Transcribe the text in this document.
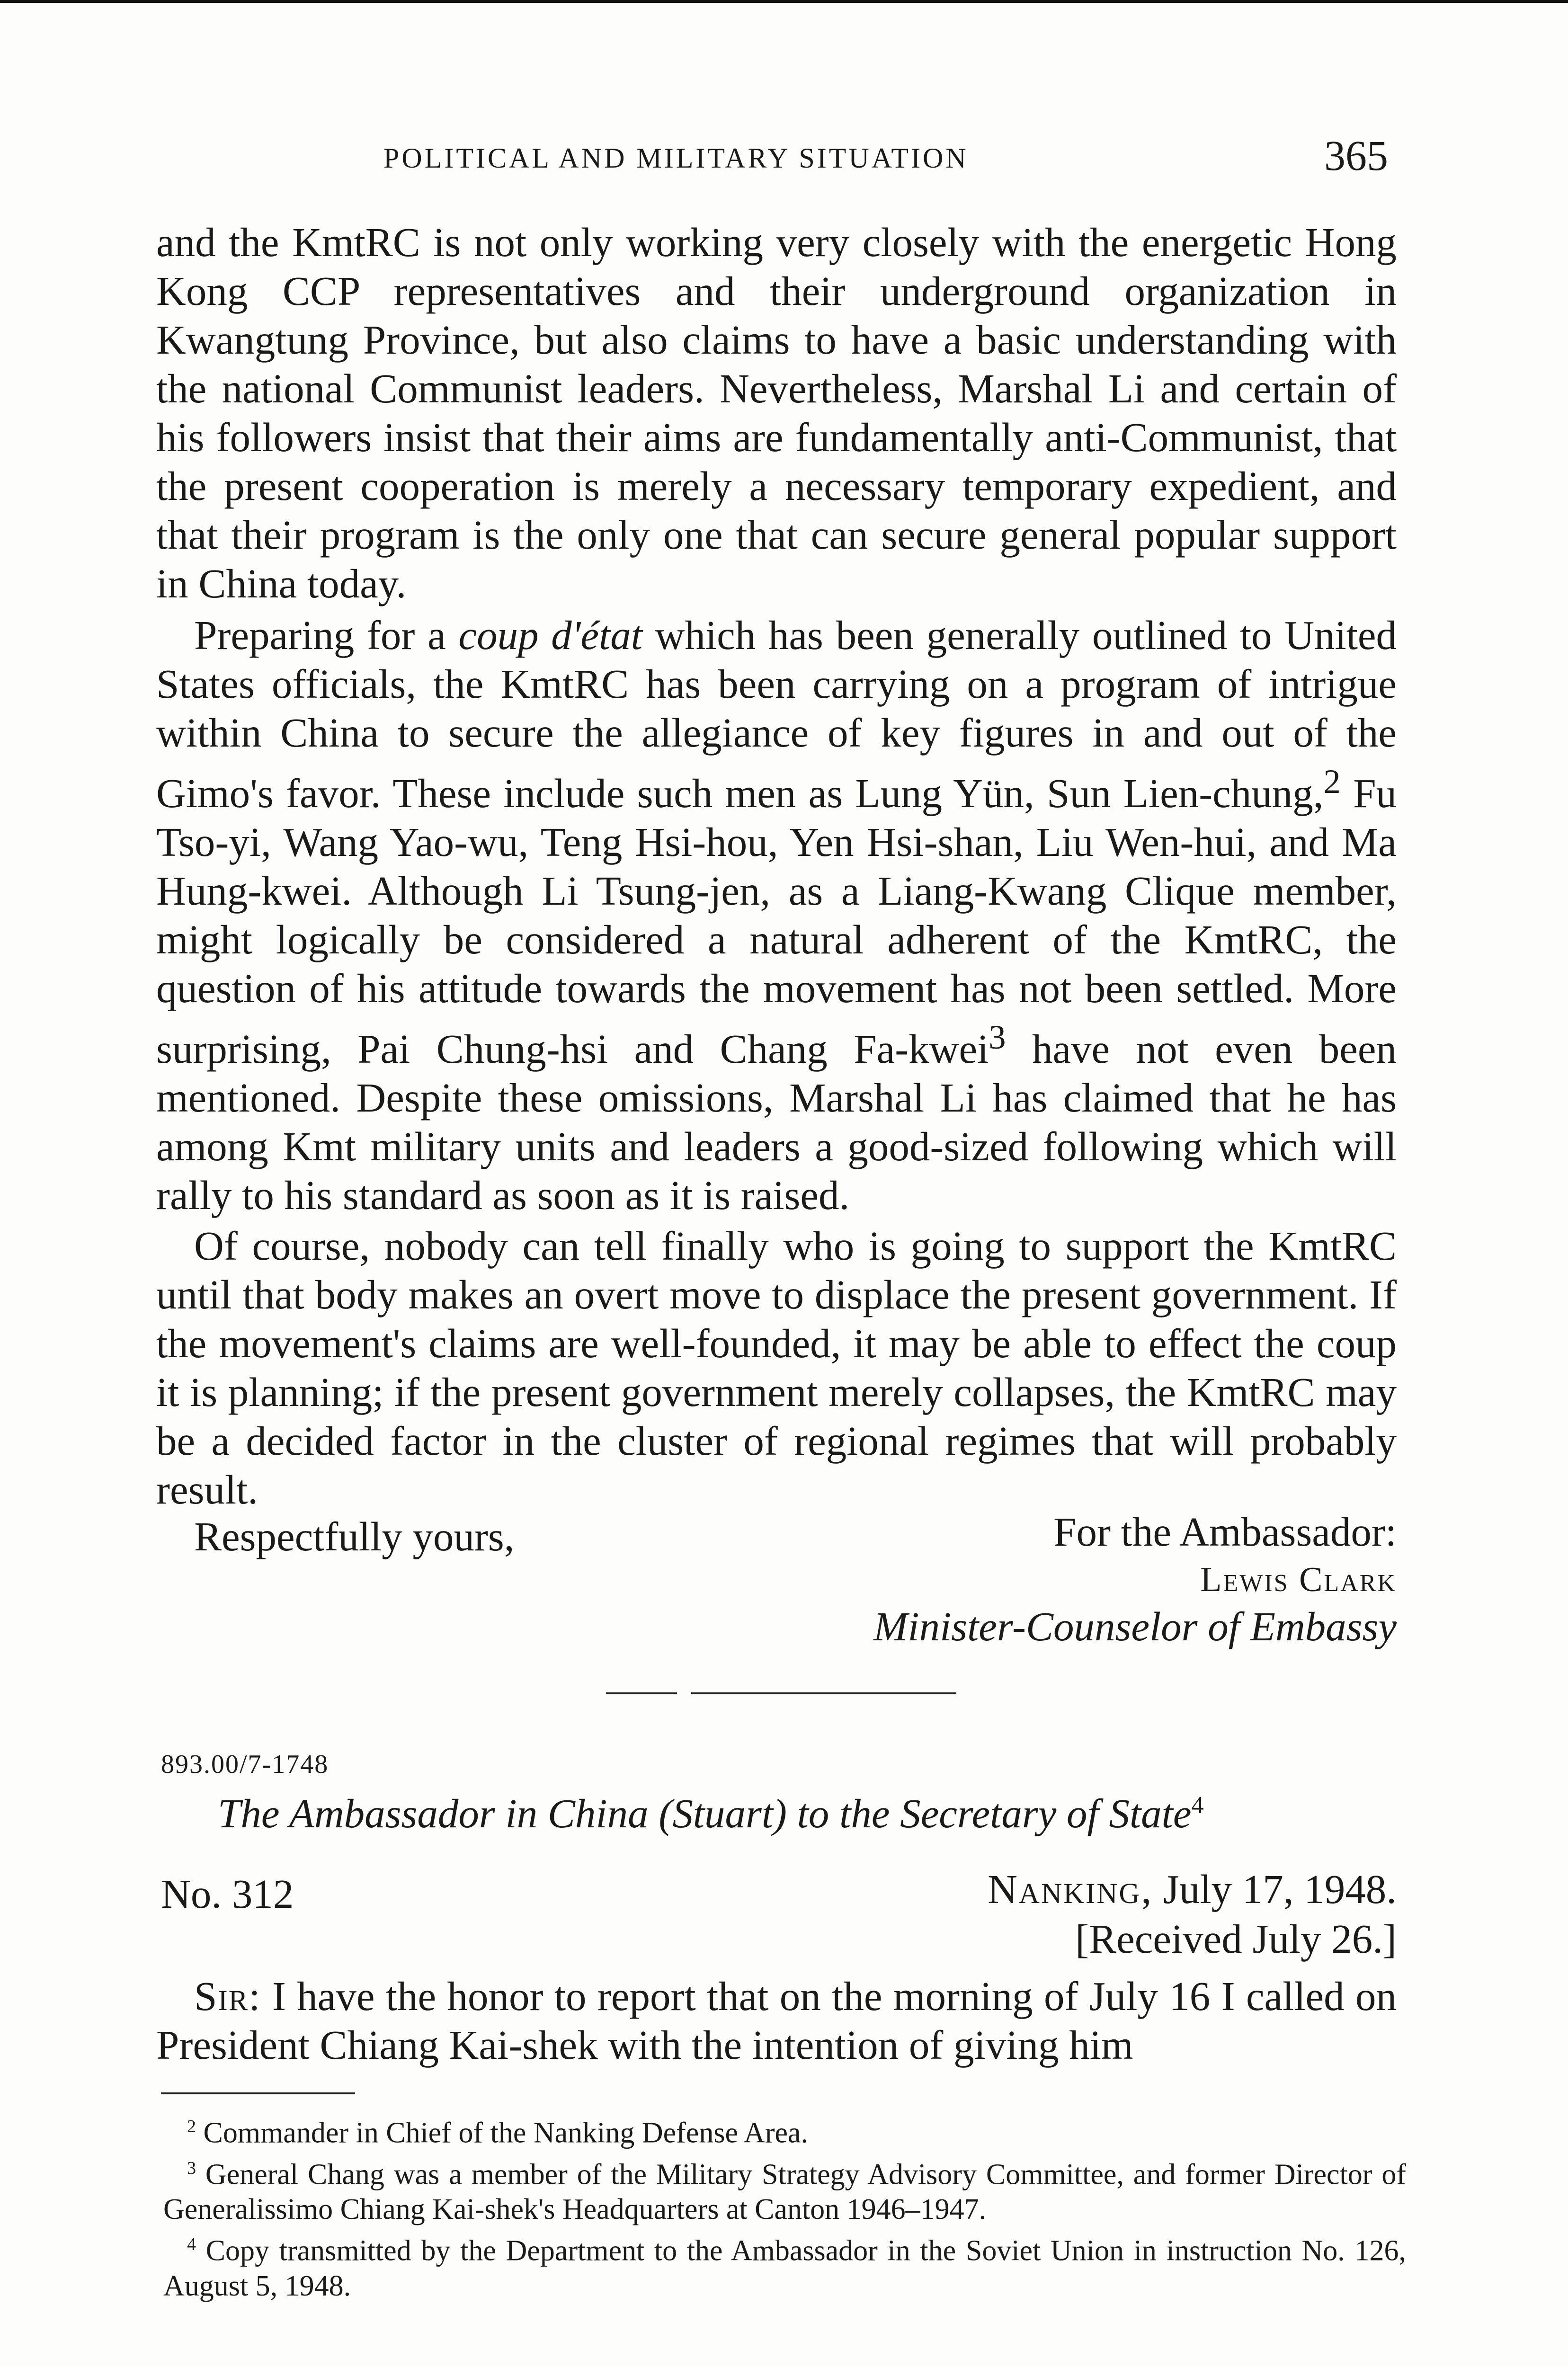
POLITICAL AND MILITARY SITUATION	365

and the KmtRC is not only working very closely with the energetic Hong Kong CCP representatives and their underground organization in Kwangtung Province, but also claims to have a basic understanding with the national Communist leaders. Nevertheless, Marshal Li and certain of his followers insist that their aims are fundamentally anti-Communist, that the present cooperation is merely a necessary temporary expedient, and that their program is the only one that can secure general popular support in China today.

Preparing for a coup d'état which has been generally outlined to United States officials, the KmtRC has been carrying on a program of intrigue within China to secure the allegiance of key figures in and out of the Gimo's favor. These include such men as Lung Yün, Sun Lien-chung,$^2$ Fu Tso-yi, Wang Yao-wu, Teng Hsi-hou, Yen Hsi-shan, Liu Wen-hui, and Ma Hung-kwei. Although Li Tsung-jen, as a Liang-Kwang Clique member, might logically be considered a natural adherent of the KmtRC, the question of his attitude towards the movement has not been settled. More surprising, Pai Chung-hsi and Chang Fa-kwei$^3$ have not even been mentioned. Despite these omissions, Marshal Li has claimed that he has among Kmt military units and leaders a good-sized following which will rally to his standard as soon as it is raised.

Of course, nobody can tell finally who is going to support the KmtRC until that body makes an overt move to displace the present government. If the movement's claims are well-founded, it may be able to effect the coup it is planning; if the present government merely collapses, the KmtRC may be a decided factor in the cluster of regional regimes that will probably result.

Respectfully yours,	For the Ambassador:
Lewis Clark
Minister-Counselor of Embassy
893.00/7-1748
The Ambassador in China (Stuart) to the Secretary of State$^4$
No. 312	Nanking, July 17, 1948.
[Received July 26.]

Sir: I have the honor to report that on the morning of July 16 I called on President Chiang Kai-shek with the intention of giving him

$^2$ Commander in Chief of the Nanking Defense Area.

$^3$ General Chang was a member of the Military Strategy Advisory Committee, and former Director of Generalissimo Chiang Kai-shek's Headquarters at Canton 1946–1947.

$^4$ Copy transmitted by the Department to the Ambassador in the Soviet Union in instruction No. 126, August 5, 1948.
